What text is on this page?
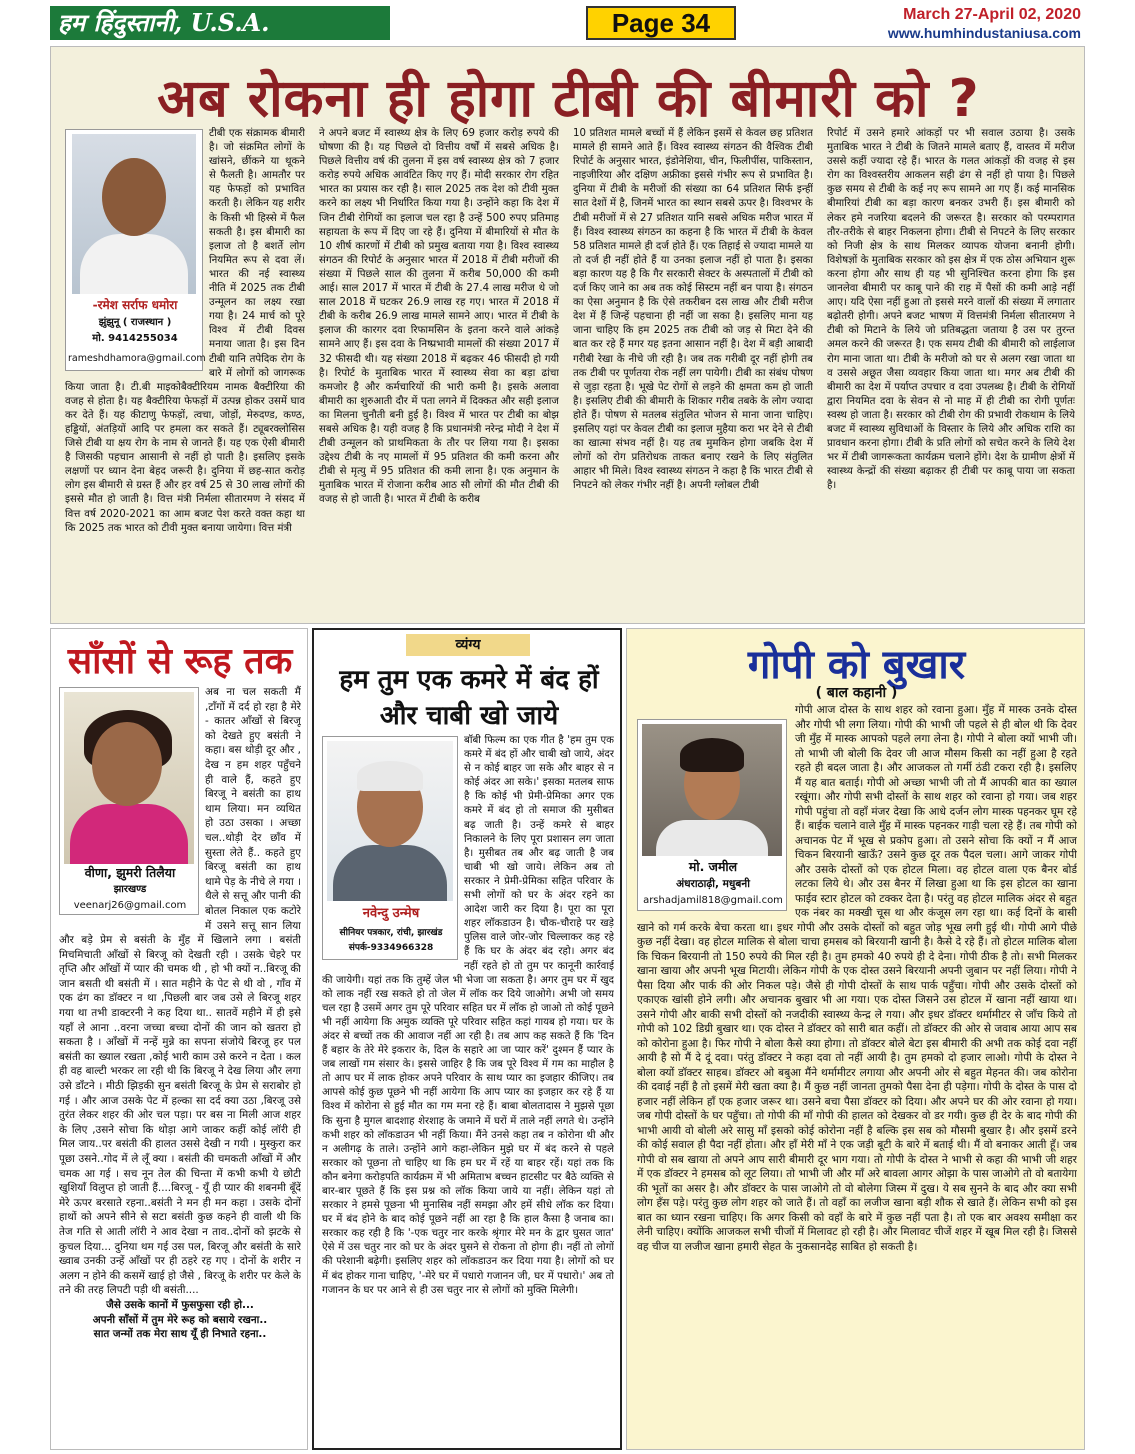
हम हिंदुस्तानी, U.S.A.	Page 34	March 27-April 02, 2020
www.humhindustaniusa.com
अब रोकना ही होगा टीबी की बीमारी को ?
-रमेश सर्राफ धमोरा
झुंझुनू ( राजस्थान )
मो. 9414255034
rameshdhamora@gmail.com

टीबी एक संक्रामक बीमारी है। जो संक्रमित लोगों के खांसने, छींकने या थूकने से फैलती है। आमतौर पर यह फेफड़ों को प्रभावित करती है। लेकिन यह शरीर के किसी भी हिस्से में फैल सकती है। इस बीमारी का इलाज तो है बशर्ते लोग नियमित रूप से दवा लें। भारत की नई स्वास्थ्य नीति में 2025 तक टीबी उन्मूलन का लक्ष्य रखा गया है। 24 मार्च को पूरे विश्व में टीबी दिवस मनाया जाता है। इस दिन टीबी यानि तपेदिक रोग के बारे में लोगों को जागरूक किया जाता है। टी.बी माइकोबैक्टीरियम नामक बैक्टीरिया की वजह से होता है। यह बैक्टीरिया फेफड़ों में उत्पन्न होकर उसमें घाव कर देते हैं। यह कीटाणु फेफड़ों, त्वचा, जोड़ों, मेरुदण्ड, कण्ठ, हड्डियों, अंतड़ियों आदि पर हमला कर सकते हैं। ट्यूबरक्लोसिस जिसे टीबी या क्षय रोग के नाम से जानते हैं। यह एक ऐसी बीमारी है जिसकी पहचान आसानी से नहीं हो पाती है। इसलिए इसके लक्षणों पर ध्यान देना बेहद जरूरी है। दुनिया में छह-सात करोड़ लोग इस बीमारी से ग्रस्त हैं और हर वर्ष 25 से 30 लाख लोगों की इससे मौत हो जाती है। वित्त मंत्री निर्मला सीतारमण ने संसद में वित्त वर्ष 2020-2021 का आम बजट पेश करते वक्त कहा था कि 2025 तक भारत को टीवी मुक्त बनाया जायेगा। वित्त मंत्री

ने अपने बजट में स्वास्थ्य क्षेत्र के लिए 69 हजार करोड़ रुपये की घोषणा की है। यह पिछले दो वित्तीय वर्षों में सबसे अधिक है। पिछले वित्तीय वर्ष की तुलना में इस वर्ष स्वास्थ्य क्षेत्र को 7 हजार करोड़ रुपये अधिक आवंटित किए गए हैं। मोदी सरकार रोग रहित भारत का प्रयास कर रही है। साल 2025 तक देश को टीवी मुक्त करने का लक्ष्य भी निर्धारित किया गया है। उन्होंने कहा कि देश में जिन टीबी रोगियों का इलाज चल रहा है उन्हें 500 रुपए प्रतिमाह सहायता के रूप में दिए जा रहे हैं। दुनिया में बीमारियों से मौत के 10 शीर्ष कारणों में टीबी को प्रमुख बताया गया है। विश्व स्वास्थ्य संगठन की रिपोर्ट के अनुसार भारत में 2018 में टीबी मरीजों की संख्या में पिछले साल की तुलना में करीब 50,000 की कमी आई। साल 2017 में भारत में टीबी के 27.4 लाख मरीज थे जो साल 2018 में घटकर 26.9 लाख रह गए। भारत में 2018 में टीबी के करीब 26.9 लाख मामले सामने आए। भारत में टीबी के इलाज की कारगर दवा रिफामसिन के इतना करने वाले आंकड़े सामने आए हैं। इस दवा के निष्प्रभावी मामलों की संख्या 2017 में 32 फीसदी थी। यह संख्या 2018 में बढ़कर 46 फीसदी हो गयी है। रिपोर्ट के मुताबिक भारत में स्वास्थ्य सेवा का बड़ा ढांचा कमजोर है और कर्मचारियों की भारी कमी है। इसके अलावा बीमारी का शुरुआती दौर में पता लगने में दिक्कत और सही इलाज का मिलना चुनौती बनी हुई है। विश्व में भारत पर टीबी का बोझ सबसे अधिक है। यही वजह है कि प्रधानमंत्री नरेन्द्र मोदी ने देश में टीबी उन्मूलन को प्राथमिकता के तौर पर लिया गया है। इसका उद्देश्य टीबी के नए मामलों में 95 प्रतिशत की कमी करना और टीबी से मृत्यु में 95 प्रतिशत की कमी लाना है। एक अनुमान के मुताबिक भारत में रोजाना करीब आठ सौ लोगों की मौत टीबी की वजह से हो जाती है। भारत में टीबी के करीब

10 प्रतिशत मामले बच्चों में हैं लेकिन इसमें से केवल छह प्रतिशत मामले ही सामने आते हैं। विश्व स्वास्थ्य संगठन की वैश्विक टीबी रिपोर्ट के अनुसार भारत, इंडोनेशिया, चीन, फिलीपींस, पाकिस्तान, नाइजीरिया और दक्षिण अफ्रीका इससे गंभीर रूप से प्रभावित है। दुनिया में टीबी के मरीजों की संख्या का 64 प्रतिशत सिर्फ इन्हीं सात देशों में है, जिनमें भारत का स्थान सबसे ऊपर है। विश्वभर के टीबी मरीजों में से 27 प्रतिशत यानि सबसे अधिक मरीज भारत में हैं। विश्व स्वास्थ्य संगठन का कहना है कि भारत में टीबी के केवल 58 प्रतिशत मामले ही दर्ज होते हैं। एक तिहाई से ज्यादा मामले या तो दर्ज ही नहीं होते हैं या उनका इलाज नहीं हो पाता है। इसका बड़ा कारण यह है कि गैर सरकारी सेक्टर के अस्पतालों में टीबी को दर्ज किए जाने का अब तक कोई सिस्टम नहीं बन पाया है। संगठन का ऐसा अनुमान है कि ऐसे तकरीबन दस लाख और टीबी मरीज देश में हैं जिन्हें पहचाना ही नहीं जा सका है। इसलिए माना यह जाना चाहिए कि हम 2025 तक टीबी को जड़ से मिटा देने की बात कर रहे हैं मगर यह इतना आसान नहीं है। देश में बड़ी आबादी गरीबी रेखा के नीचे जी रही है। जब तक गरीबी दूर नहीं होगी तब तक टीबी पर पूर्णतया रोक नहीं लग पायेगी। टीबी का संबंध पोषण से जुड़ा रहता है। भूखे पेट रोगों से लड़ने की क्षमता कम हो जाती है। इसलिए टीबी की बीमारी के शिकार गरीब तबके के लोग ज्यादा होते हैं। पोषण से मतलब संतुलित भोजन से माना जाना चाहिए। इसलिए यहां पर केवल टीबी का इलाज मुहैया करा भर देने से टीबी का खात्मा संभव नहीं है। यह तब मुमकिन होगा जबकि देश में लोगों को रोग प्रतिरोधक ताकत बनाए रखने के लिए संतुलित आहार भी मिले। विश्व स्वास्थ्य संगठन ने कहा है कि भारत टीबी से निपटने को लेकर गंभीर नहीं है। अपनी ग्लोबल टीबी

रिपोर्ट में उसने हमारे आंकड़ों पर भी सवाल उठाया है। उसके मुताबिक भारत ने टीबी के जितने मामले बताए हैं, वास्तव में मरीज उससे कहीं ज्यादा रहे हैं। भारत के गलत आंकड़ों की वजह से इस रोग का विश्वस्तरीय आकलन सही ढंग से नहीं हो पाया है। पिछले कुछ समय से टीबी के कई नए रूप सामने आ गए हैं। कई मानसिक बीमारियां टीबी का बड़ा कारण बनकर उभरी हैं। इस बीमारी को लेकर हमे नजरिया बदलने की जरूरत है। सरकार को परम्परागत तौर-तरीके से बाहर निकलना होगा। टीबी से निपटने के लिए सरकार को निजी क्षेत्र के साथ मिलकर व्यापक योजना बनानी होगी। विशेषज्ञों के मुताबिक सरकार को इस क्षेत्र में एक ठोस अभियान शुरू करना होगा और साथ ही यह भी सुनिश्चित करना होगा कि इस जानलेवा बीमारी पर काबू पाने की राह में पैसों की कमी आड़े नहीं आए। यदि ऐसा नहीं हुआ तो इससे मरने वालों की संख्या में लगातार बढ़ोतरी होगी। अपने बजट भाषण में वित्तमंत्री निर्मला सीतारमण ने टीबी को मिटाने के लिये जो प्रतिबद्धता जताया है उस पर तुरन्त अमल करने की जरूरत है। एक समय टीबी की बीमारी को लाईलाज रोग माना जाता था। टीबी के मरीजो को घर से अलग रखा जाता था व उससे अछूत जैसा व्यवहार किया जाता था। मगर अब टीबी की बीमारी का देश में पर्याप्त उपचार व दवा उपलब्ध है। टीबी के रोगियों द्वारा नियमित दवा के सेवन से नो माह में ही टीबी का रोगी पूर्णतः स्वस्थ हो जाता है। सरकार को टीबी रोग की प्रभावी रोकथाम के लिये बजट में स्वास्थ्य सुविधाओं के विस्तार के लिये और अधिक राशि का प्रावधान करना होगा। टीबी के प्रति लोगों को सचेत करने के लिये देश भर में टीबी जागरूकता कार्यक्रम चलाने होंगे। देश के ग्रामीण क्षेत्रों में स्वास्थ्य केन्द्रों की संख्या बढ़ाकर ही टीबी पर काबू पाया जा सकता है।

साँसों से रूह तक
वीणा, झुमरी तिलैया
झारखण्ड
veenarj26@gmail.com

अब ना चल सकती मैं ,टाँगों में दर्द हो रहा है मेरे - कातर आँखों से बिरजू को देखते हुए बसंती ने कहा। बस थोड़ी दूर और , देख न हम शहर पहुँचने ही वाले हैं, कहते हुए बिरजू ने बसंती का हाथ थाम लिया। मन व्यथित हो उठा उसका । अच्छा चल..थोड़ी देर छाँव में सुस्ता लेते हैं.. कहते हुए बिरजू बसंती का हाथ थामे पेड़ के नीचे ले गया । थैले से सत्तू और पानी की बोतल निकाल एक कटोरे में उसने सत्तू सान लिया और बड़े प्रेम से बसंती के मुँह में खिलाने लगा । बसंती मिचमिचाती आँखों से बिरजू को देखती रही । उसके चेहरे पर तृप्ति और आँखों में प्यार की चमक थी , हो भी क्यों न..बिरजू की जान बसती थी बसंती में । सात महीने के पेट से थी वो , गाँव में एक ढंग का डॉक्टर न था ,पिछली बार जब उसे ले बिरजू शहर गया था तभी डाक्टरनी ने कह दिया था.. सातवें महीने में ही इसे यहाँ ले आना ..वरना जच्चा बच्चा दोनों की जान को खतरा हो सकता है । आँखों में नन्हें मुन्ने का सपना संजोये बिरजू हर पल बसंती का ख्याल रखता ,कोई भारी काम उसे करने न देता । कल ही वह बाल्टी भरकर ला रही थी कि बिरजू ने देख लिया और लगा उसे डाँटने । मीठी झिड़की सुन बसंती बिरजू के प्रेम से सराबोर हो गई । और आज उसके पेट में हल्का सा दर्द क्या उठा ,बिरजू उसे तुरंत लेकर शहर की ओर चल पड़ा। पर बस ना मिली आज शहर के लिए ,उसने सोचा कि थोड़ा आगे जाकर कहीं कोई लॉरी ही मिल जाय..पर बसंती की हालत उससे देखी न गयी । मुस्कुरा कर पूछा उसने..गोद में ले लूँ क्या । बसंती की चमकती आँखों में और चमक आ गई । सच नून तेल की चिन्ता में कभी कभी ये छोटी खुशियाँ विलुप्त हो जाती हैं....बिरजू - यूँ ही प्यार की शबनमी बूँदें मेरे ऊपर बरसाते रहना..बसंती ने मन ही मन कहा । उसके दोनों हाथों को अपने सीने से सटा बसंती कुछ कहने ही वाली थी कि तेज गति से आती लॉरी ने आव देखा न ताव..दोनों को झटके से कुचल दिया... दुनिया थम गई उस पल, बिरजू और बसंती के सारे ख्वाब उनकी उन्हें आँखों पर ही ठहरे रह गए । दोनों के शरीर न अलग न होने की कसमें खाई हो जैसे , बिरजू के शरीर पर केले के तने की तरह लिपटी पड़ी थी बसंती....

जैसे उसके कानों में फुसफुसा रही हो...

अपनी साँसों में तुम मेरे रूह को बसाये रखना..

सात जन्मों तक मेरा साथ यूँ ही निभाते रहना..

व्यंग्य
हम तुम एक कमरे में बंद हों और चाबी खो जाये
नवेन्दु उन्मेष
सीनियर पत्रकार, रांची, झारखंड
संपर्क-9334966328

बॉबी फिल्म का एक गीत है 'हम तुम एक कमरे में बंद हों और चाबी खो जाये, अंदर से न कोई बाहर जा सके और बाहर से न कोई अंदर आ सके।' इसका मतलब साफ है कि कोई भी प्रेमी-प्रेमिका अगर एक कमरे में बंद हो तो समाज की मुसीबत बढ़ जाती है। उन्हें कमरे से बाहर निकालने के लिए पूरा प्रशासन लग जाता है। मुसीबत तब और बढ़ जाती है जब चाबी भी खो जाये। लेकिन अब तो सरकार ने प्रेमी-प्रेमिका सहित परिवार के सभी लोगों को घर के अंदर रहने का आदेश जारी कर दिया है। पूरा का पूरा शहर लॉकडाउन है। चौक-चौराहे पर खड़े पुलिस वाले जोर-जोर चिल्लाकर कह रहे हैं कि घर के अंदर बंद रहो। अगर बंद नहीं रहते हो तो तुम पर कानूनी कार्रवाई की जायेगी। यहां तक कि तुम्हें जेल भी भेजा जा सकता है। अगर तुम घर में खुद को लाक नहीं रख सकते हो तो जेल में लॉक कर दिये जाओगे। अभी जो समय चल रहा है उसमें अगर तुम पूरे परिवार सहित घर में लॉक हो जाओ तो कोई पूछने भी नहीं आयेगा कि अमुक व्यक्ति पूरे परिवार सहित कहां गायब हो गया। घर के अंदर से बच्चों तक की आवाज नहीं आ रही है। तब आप कह सकते हैं कि 'दिन हैं बहार के तेरे मेरे इकरार के, दिल के सहारे आ जा प्यार करें' दुश्मन हैं प्यार के जब लाखों गम संसार के। इससे जाहिर है कि जब पूरे विश्व में गम का माहौल है तो आप घर में लाक होकर अपने परिवार के साथ प्यार का इजहार कीजिए। तब आपसे कोई कुछ पूछने भी नहीं आयेगा कि आप प्यार का इजहार कर रहे हैं या विश्व में कोरोना से हुई मौत का गम मना रहे हैं। बाबा बोलतादास ने मुझसे पूछा कि सुना है मुगल बादशाह शेरशाह के जमाने में घरों में ताले नहीं लगते थे। उन्होंने कभी शहर को लॉकडाउन भी नहीं किया। मैंने उनसे कहा तब न कोरोना थी और न अलीगढ़ के ताले। उन्होंने आगे कहा-लेकिन मुझे घर में बंद करने से पहले सरकार को पूछना तो चाहिए था कि हम घर में रहें या बाहर रहें। यहां तक कि कौन बनेगा करोड़पति कार्यक्रम में भी अमिताभ बच्चन हाटसीट पर बैठे व्यक्ति से बार-बार पूछते हैं कि इस प्रश्न को लॉक किया जाये या नहीं। लेकिन यहां तो सरकार ने हमसे पूछना भी मुनासिब नहीं समझा और हमें सीधे लॉक कर दिया। घर में बंद होने के बाद कोई पूछने नहीं आ रहा है कि हाल कैसा है जनाब का। सरकार कह रही है कि '-एक चतुर नार करके श्रृंगार मेरे मन के द्वार घुसत जात' ऐसे में उस चतुर नार को घर के अंदर घुसने से रोकना तो होगा ही। नहीं तो लोगों की परेशानी बढ़ेगी। इसलिए शहर को लॉकडाउन कर दिया गया है। लोगों को घर में बंद होकर गाना चाहिए, '-मेरे घर में पधारो गजानन जी, घर में पधारो।' अब तो गजानन के घर पर आने से ही उस चतुर नार से लोगों को मुक्ति मिलेगी।

गोपी को बुखार
( बाल कहानी )
मो. जमील
अंधराठाढ़ी, मधुबनी
arshadjamil818@gmail.com

गोपी आज दोस्त के साथ शहर को रवाना हुआ। मुँह में मास्क उनके दोस्त और गोपी भी लगा लिया। गोपी की भाभी जी पहले से ही बोल थी कि देवर जी मुँह में मास्क आपको पहले लगा लेना है। गोपी ने बोला क्यों भाभी जी। तो भाभी जी बोली कि देवर जी आज मौसम किसी का नहीं हुआ है रहते रहते ही बदल जाता है। और आजकल तो गर्मी ठंडी टकरा रही है। इसलिए मैं यह बात बताई। गोपी ओ अच्छा भाभी जी तो मैं आपकी बात का ख्याल रखूंगा। और गोपी सभी दोस्तों के साथ शहर को रवाना हो गया। जब शहर गोपी पहुंचा तो वहाँ मंजर देखा कि आधे दर्जन लोग मास्क पहनकर घूम रहे हैं। बाईक चलाने वाले मुँह में मास्क पहनकर गाड़ी चला रहे हैं। तब गोपी को अचानक पेट में भूख से प्रकोप हुआ। तो उसने सोचा कि क्यों न मैं आज चिकन बिरयानी खाऊँ? उसने कुछ दूर तक पैदल चला। आगे जाकर गोपी और उसके दोस्तों को एक होटल मिला। वह होटल वाला एक बैनर बोर्ड लटका लिये थे। और उस बैनर में लिखा हुआ था कि इस होटल का खाना फाईव स्टार होटल को टक्कर देता है। परंतु वह होटल मालिक अंदर से बहुत एक नंबर का मक्खी चूस था और कंजूस लग रहा था। कई दिनों के बासी खाने को गर्म करके बेचा करता था। इधर गोपी और उसके दोस्तों को बहुत जोड़ भूख लगी हुई थी। गोपी आगे पीछे कुछ नहीं देखा। वह होटल मालिक से बोला चाचा हमसब को बिरयानी खानी है। कैसे दे रहे हैं। तो होटल मालिक बोला कि चिकन बिरयानी तो 150 रुपये की मिल रही है। तुम हमको 40 रुपये ही दे देना। गोपी ठीक है तो। सभी मिलकर खाना खाया और अपनी भूख मिटायी। लेकिन गोपी के एक दोस्त उसने बिरयानी अपनी जुबान पर नहीं लिया। गोपी ने पैसा दिया और पार्क की ओर निकल पड़े। जैसे ही गोपी दोस्तों के साथ पार्क पहुँचा। गोपी और उसके दोस्तों को एकाएक खांसी होने लगी। और अचानक बुखार भी आ गया। एक दोस्त जिसने उस होटल में खाना नहीं खाया था। उसने गोपी और बाकी सभी दोस्तों को नजदीकी स्वास्थ्य केन्द्र ले गया। और इधर डॉक्टर थर्मामीटर से जाँच किये तो गोपी को 102 डिग्री बुखार था। एक दोस्त ने डॉक्टर को सारी बात कहीं। तो डॉक्टर की ओर से जवाब आया आप सब को कोरोना हुआ है। फिर गोपी ने बोला कैसे क्या होगा। तो डॉक्टर बोले बेटा इस बीमारी की अभी तक कोई दवा नहीं आयी है सो मैं दे दूं दवा। परंतु डॉक्टर ने कहा दवा तो नहीं आयी है। तुम हमको दो हजार लाओ। गोपी के दोस्त ने बोला क्यों डॉक्टर साहब। डॉक्टर ओ बबुआ मैंने थर्मामीटर लगाया और अपनी ओर से बहुत मेहनत की। जब कोरोना की दवाई नहीं है तो इसमें मेरी खता क्या है। मैं कुछ नहीं जानता तुमको पैसा देना ही पड़ेगा। गोपी के दोस्त के पास दो हजार नहीं लेकिन हाँ एक हजार जरूर था। उसने बचा पैसा डॉक्टर को दिया। और अपने घर की ओर रवाना हो गया। जब गोपी दोस्तों के घर पहुँचा। तो गोपी की माँ गोपी की हालत को देखकर वो डर गयी। कुछ ही देर के बाद गोपी की भाभी आयी वो बोली अरे सासु माँ इसको कोई कोरोना नहीं है बल्कि इस सब को मौसमी बुखार है। और इसमें डरने की कोई सवाल ही पैदा नहीं होता। और हाँ मेरी माँ ने एक जड़ी बूटी के बारे में बताई थी। मैं वो बनाकर आती हूँ। जब गोपी वो सब खाया तो अपने आप सारी बीमारी दूर भाग गया। तो गोपी के दोस्त ने भाभी से कहा की भाभी जी शहर में एक डॉक्टर ने हमसब को लूट लिया। तो भाभी जी और माँ अरे बावला आगर ओझा के पास जाओगे तो वो बतायेगा की भूतों का असर है। और डॉक्टर के पास जाओगे तो वो बोलेगा जिस्म में दुख। ये सब सुनने के बाद और क्या सभी लोग हँस पड़े। परंतु कुछ लोग शहर को जाते हैं। तो वहाँ का लजीज खाना बड़ी शौक से खाते हैं। लेकिन सभी को इस बात का ध्यान रखना चाहिए। कि अगर किसी को वहाँ के बारे में कुछ नहीं पता है। तो एक बार अवश्य समीक्षा कर लेनी चाहिए। क्योंकि आजकल सभी चीजों में मिलावट हो रही है। और मिलावट चीजें शहर में खूब मिल रही है। जिससे वह चीज या लजीज खाना हमारी सेहत के नुकसानदेह साबित हो सकती है।
